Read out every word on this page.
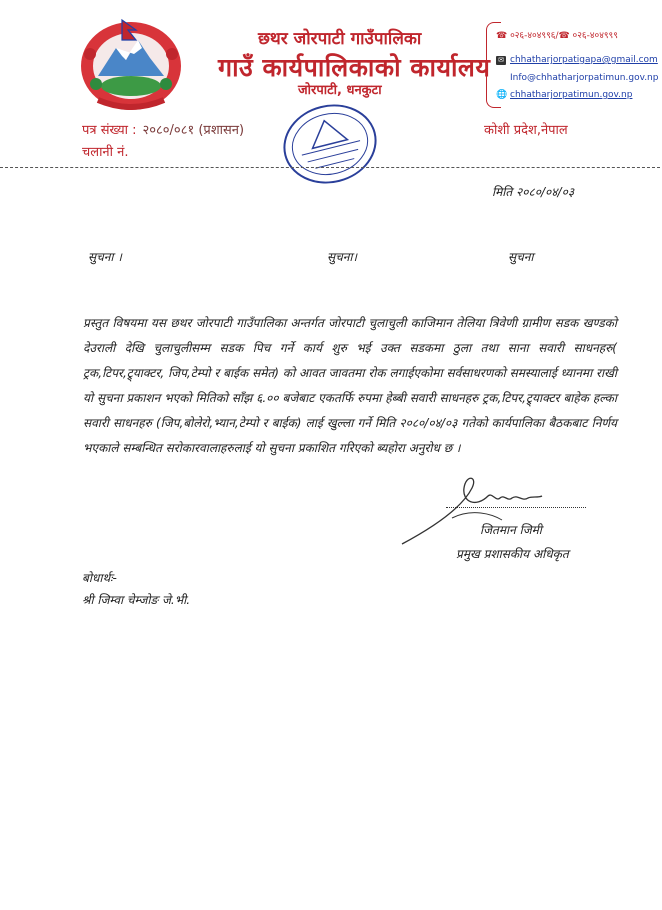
छथर जोरपाटी गाउँपालिका
गाउँ कार्यपालिकाको कार्यालय
जोरपाटी, धनकुटा
☎ ०२६-४०४९९६/☎ ०२६-४०४९९९
✉ chhatharjorpatigapa@gmail.com
Info@chhatharjorpatimun.gov.np
🌐 chhatharjorpatimun.gov.np
पत्र संख्या : २०८०/०८१ (प्रशासन)
चलानी नं.
कोशी प्रदेश,नेपाल
मिति २०८०/०४/०३
सुचना ।	सुचना।	सुचना
प्रस्तुत विषयमा यस छथर जोरपाटी गाउँपालिका अन्तर्गत जोरपाटी चुलाचुली काजिमान तेलिया त्रिवेणी ग्रामीण सडक खण्डको देउराली देखि चुलाचुलीसम्म सडक पिच गर्ने कार्य शुरु भई उक्त सडकमा ठुला तथा साना सवारी साधनहरु( ट्रक,टिपर,ट्र्याक्टर, जिप,टेम्पो र बाईक समेत) को आवत जावतमा रोक लगाईएकोमा सर्वसाधरणको समस्यालाई ध्यानमा राखी यो सुचना प्रकाशन भएको मितिको साँझ ६.०० बजेबाट एकतर्फि रुपमा हेब्बी सवारी साधनहरु ट्रक,टिपर,ट्र्याक्टर बाहेक हल्का सवारी साधनहरु (जिप,बोलेरो,भ्यान,टेम्पो र बाईक) लाई खुल्ला गर्ने मिति २०८०/०४/०३ गतेको कार्यपालिका बैठकबाट निर्णय भएकाले सम्बन्धित सरोकारवालाहरुलाई यो सुचना प्रकाशित गरिएको ब्यहोरा अनुरोध छ ।
जितमान जिमी
प्रमुख प्रशासकीय अधिकृत
बोधार्थः-
श्री जिम्वा चेम्जोङ जे.भी.
